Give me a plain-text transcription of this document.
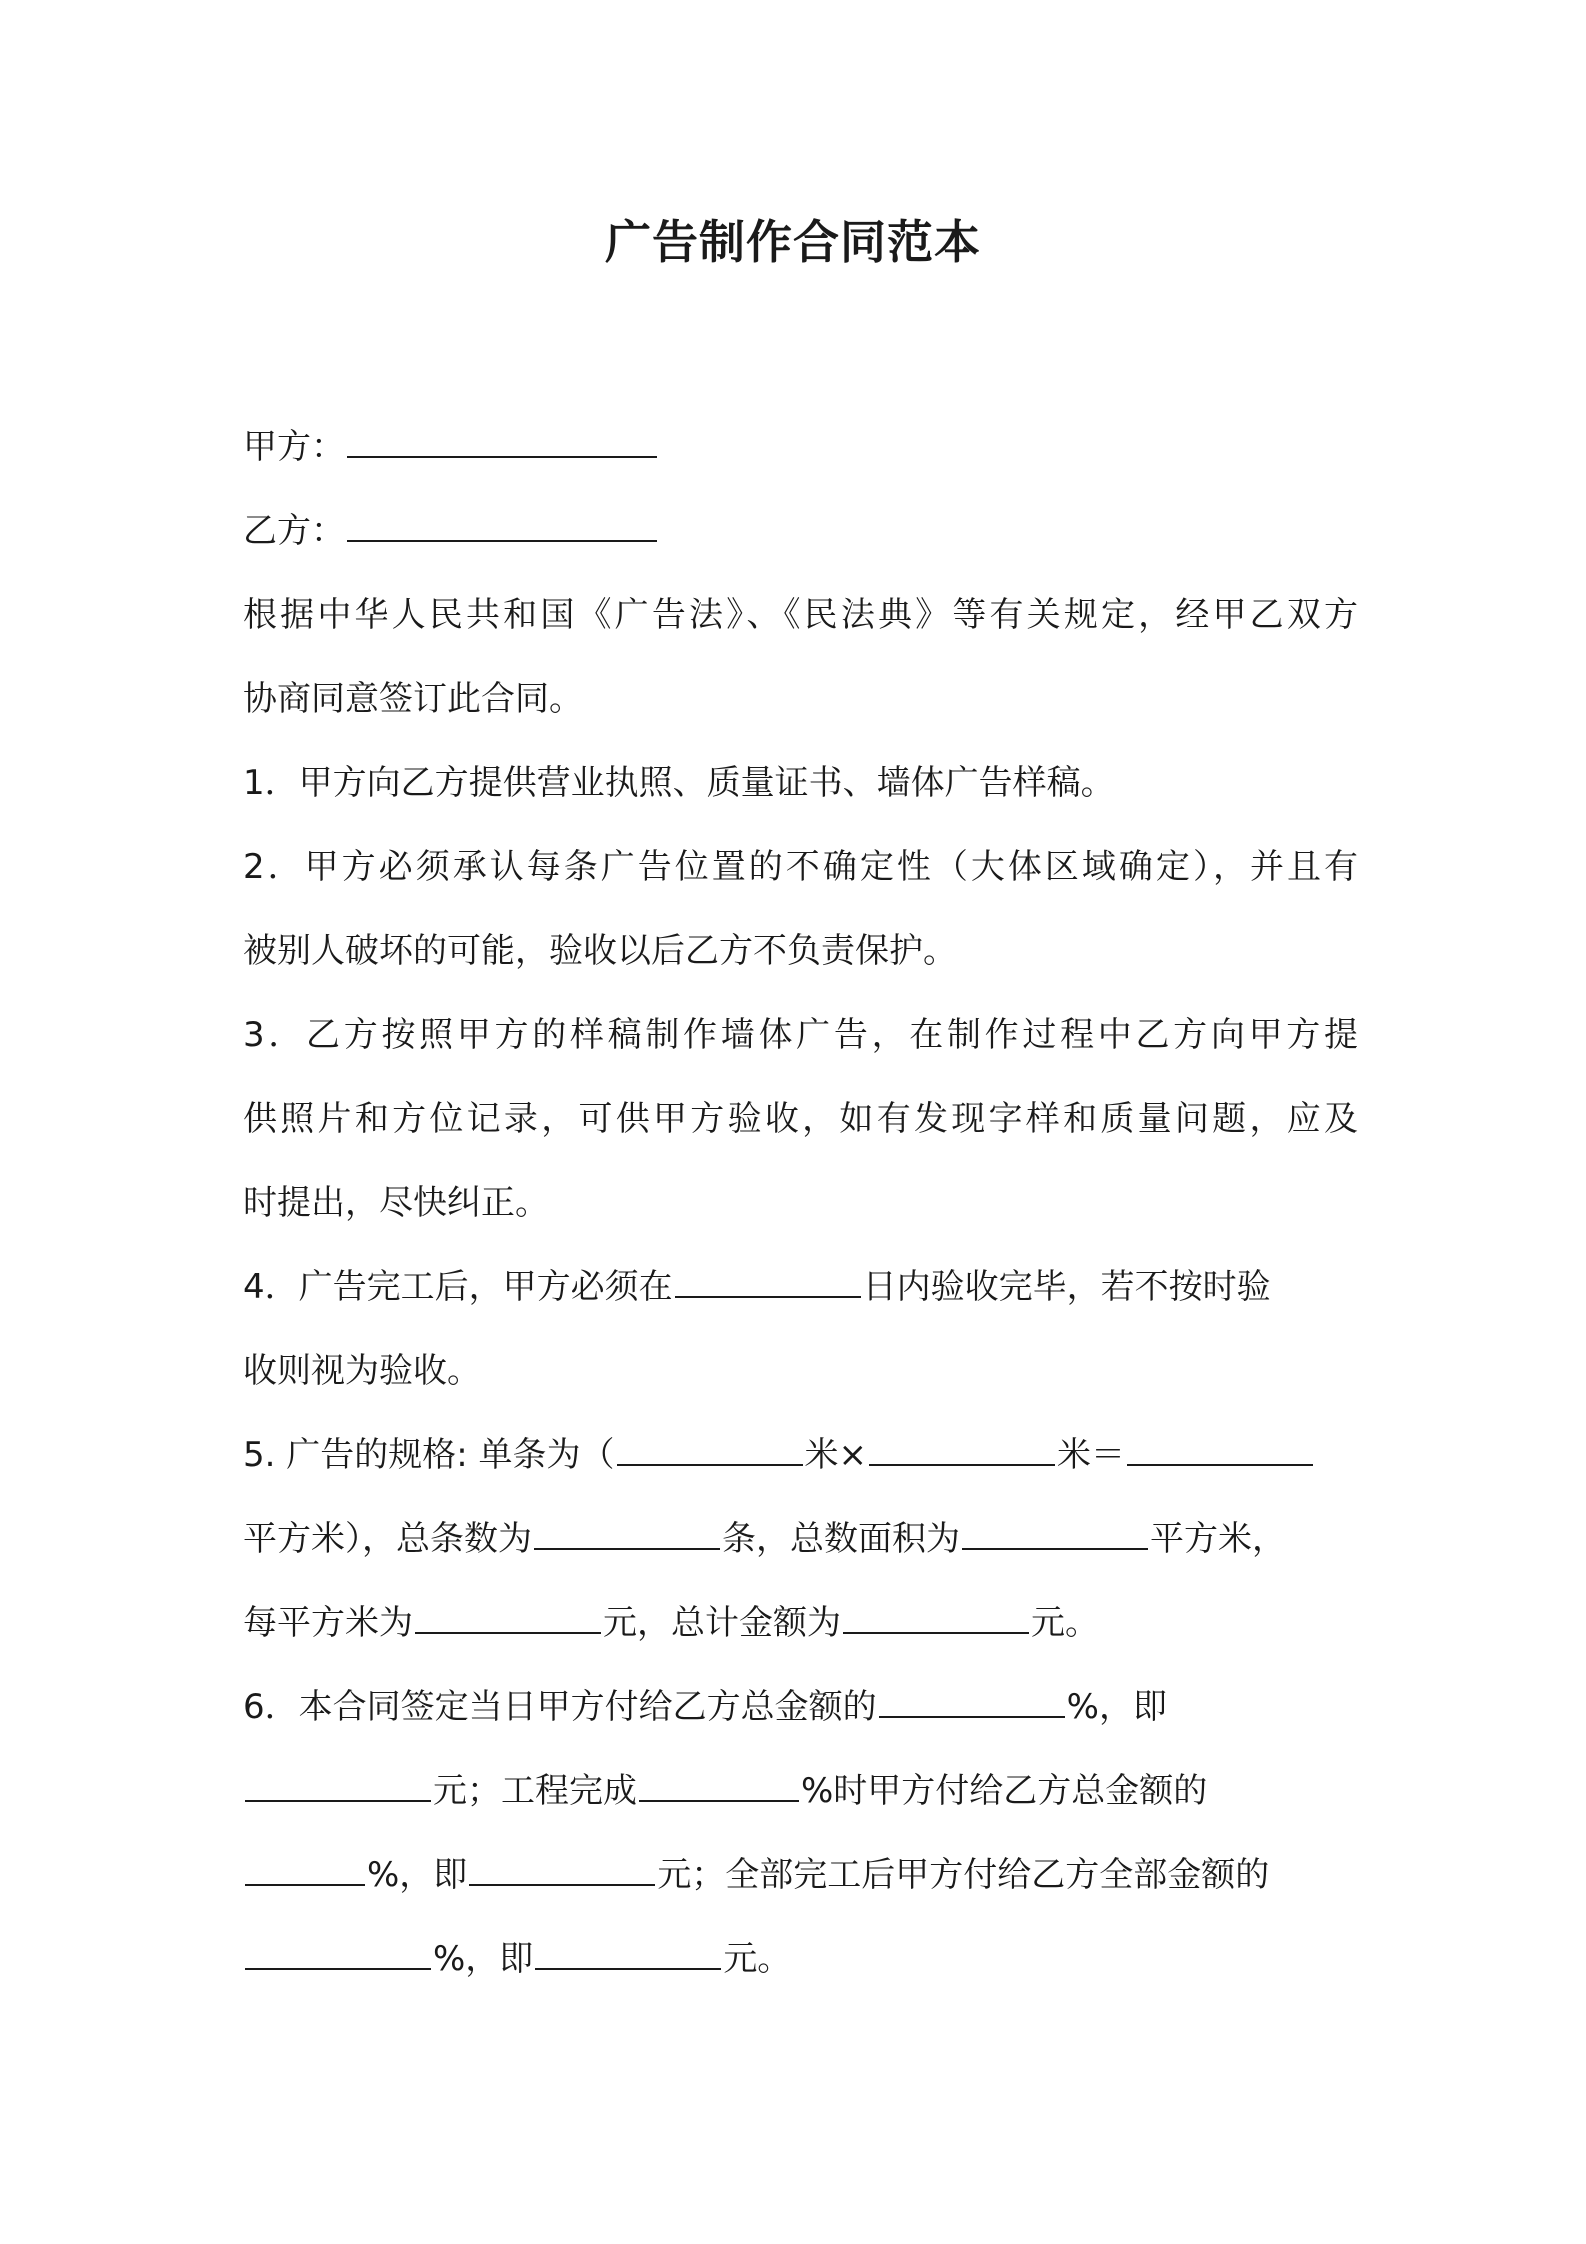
广告制作合同范本
甲方：
乙方：
根据中华人民共和国《广告法》、《民法典》等有关规定，经甲乙双方
协商同意签订此合同。
1．甲方向乙方提供营业执照、质量证书、墙体广告样稿。
2．甲方必须承认每条广告位置的不确定性（大体区域确定），并且有
被别人破坏的可能，验收以后乙方不负责保护。
3．乙方按照甲方的样稿制作墙体广告，在制作过程中乙方向甲方提
供照片和方位记录，可供甲方验收，如有发现字样和质量问题，应及
时提出，尽快纠正。
4．广告完工后，甲方必须在	日内验收完毕，若不按时验
收则视为验收。
5. 广告的规格: 单条为（	米×	米＝
平方米），总条数为	条，总数面积为	平方米，
每平方米为	元，总计金额为	元。
6．本合同签定当日甲方付给乙方总金额的	%，即
元；工程完成	%时甲方付给乙方总金额的
%，即	元；全部完工后甲方付给乙方全部金额的
%，即	元。
